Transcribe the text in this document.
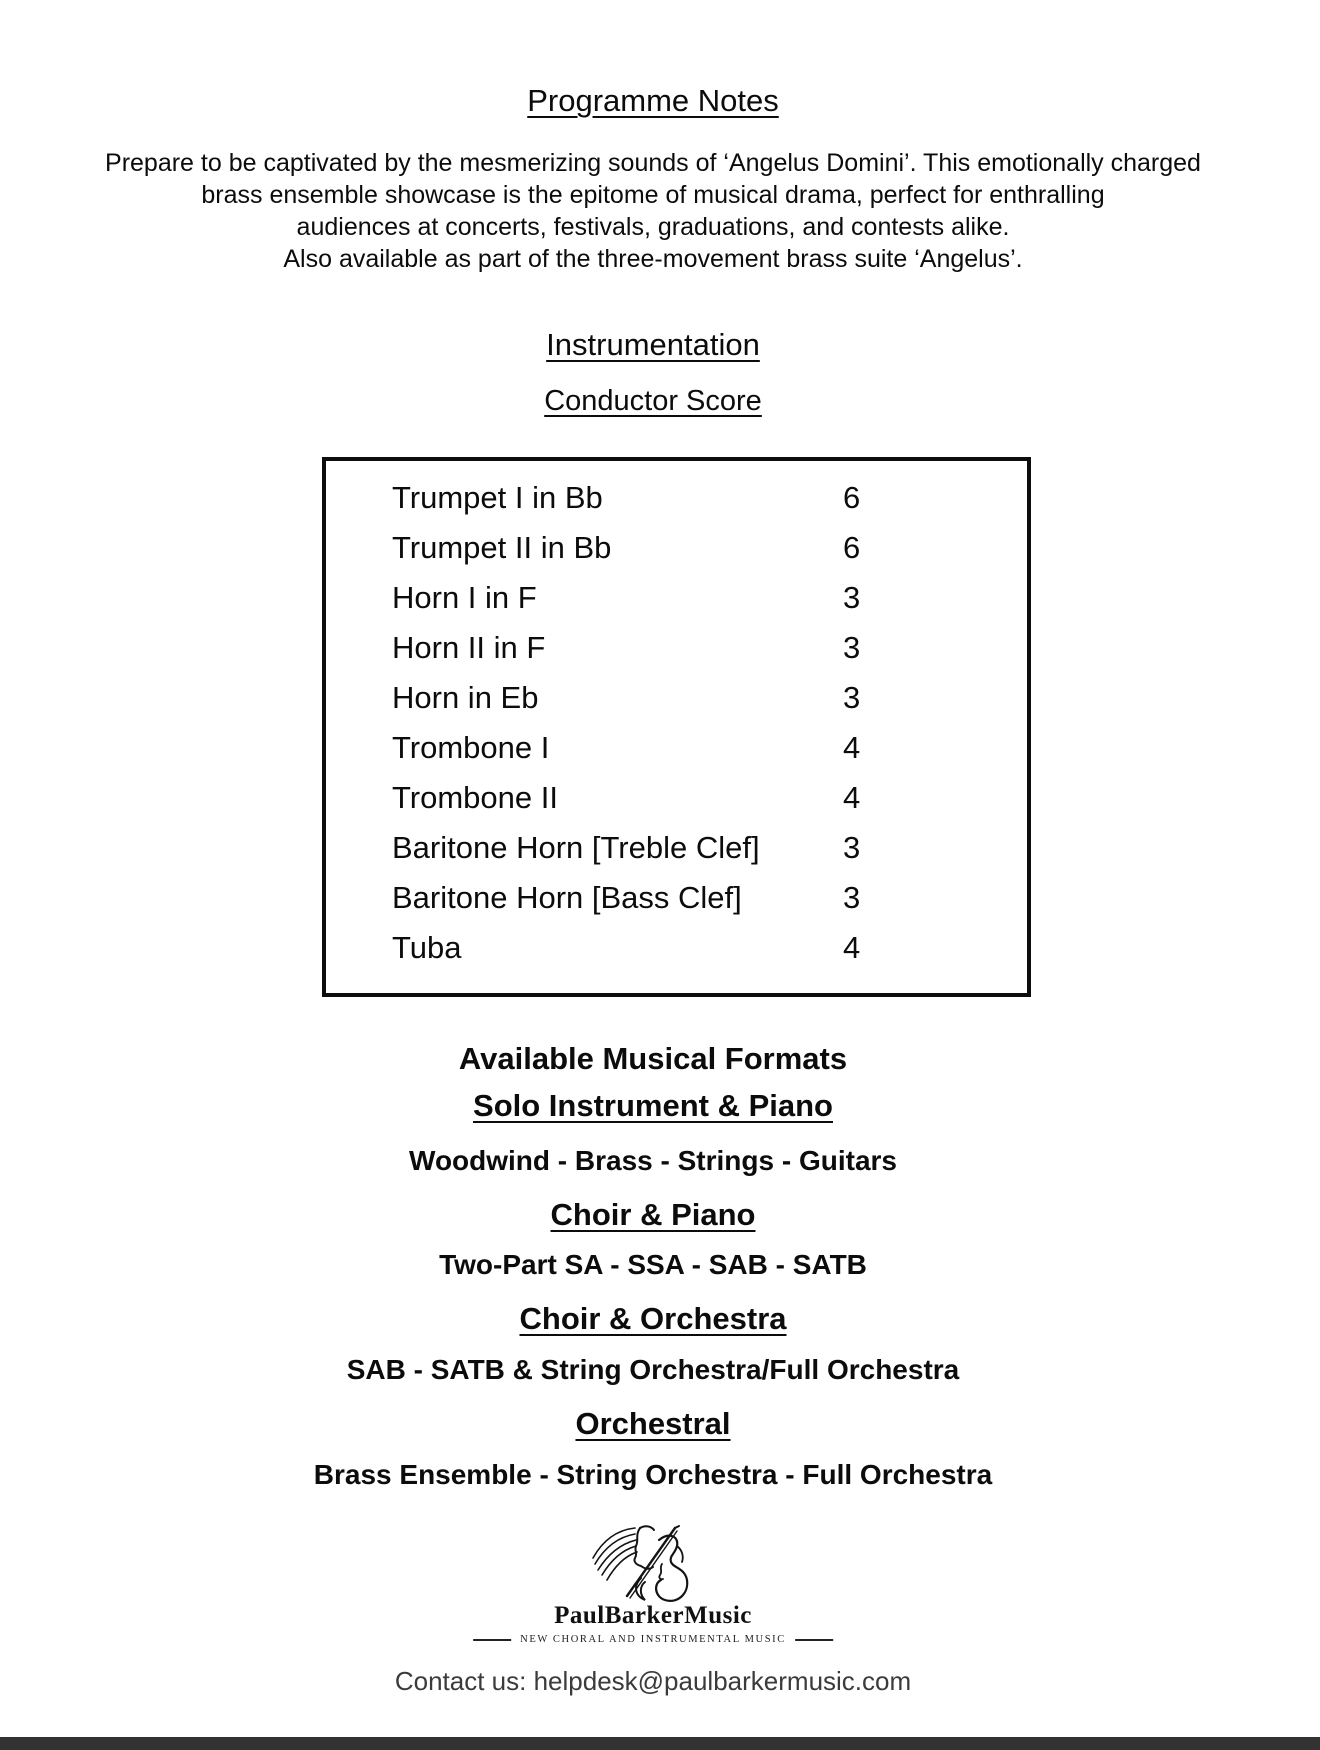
Programme Notes
Prepare to be captivated by the mesmerizing sounds of ‘Angelus Domini’. This emotionally charged
brass ensemble showcase is the epitome of musical drama, perfect for enthralling
audiences at concerts, festivals, graduations, and contests alike.
Also available as part of the three-movement brass suite ‘Angelus’.
Instrumentation
Conductor Score
Trumpet I in Bb	6
Trumpet II in Bb	6
Horn I in F	3
Horn II in F	3
Horn in Eb	3
Trombone I	4
Trombone II	4
Baritone Horn [Treble Clef]	3
Baritone Horn [Bass Clef]	3
Tuba	4
Available Musical Formats
Solo Instrument & Piano
Woodwind - Brass - Strings - Guitars
Choir & Piano
Two-Part SA - SSA - SAB - SATB
Choir & Orchestra
SAB - SATB & String Orchestra/Full Orchestra
Orchestral
Brass Ensemble - String Orchestra - Full Orchestra
PaulBarkerMusic
NEW CHORAL AND INSTRUMENTAL MUSIC
Contact us: helpdesk@paulbarkermusic.com
